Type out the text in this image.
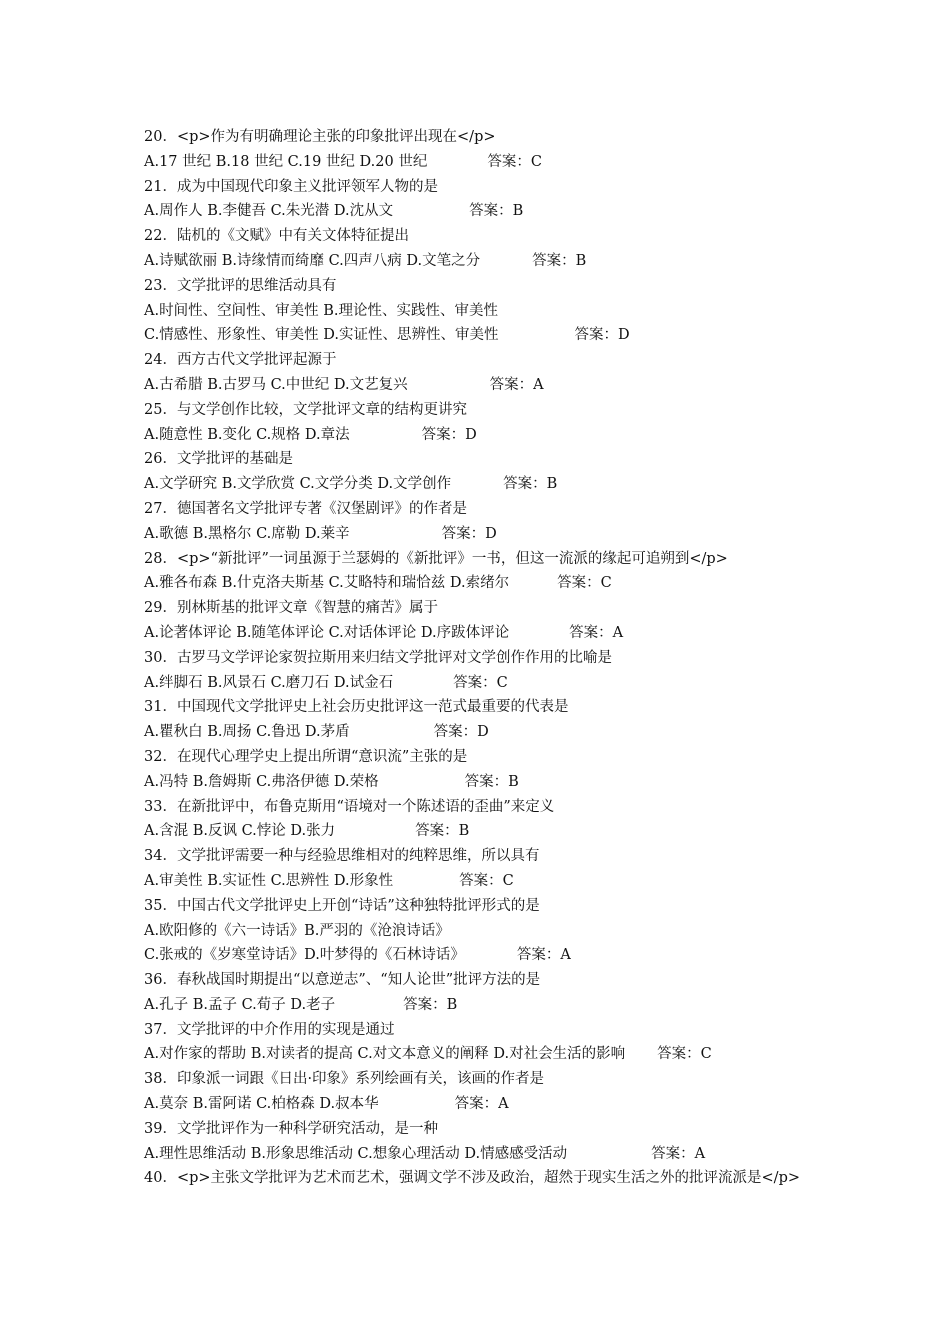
20．<p>作为有明确理论主张的印象批评出现在</p>
A.17 世纪 B.18 世纪 C.19 世纪 D.20 世纪	答案：C
21．成为中国现代印象主义批评领军人物的是
A.周作人 B.李健吾 C.朱光潜 D.沈从文	答案：B
22．陆机的《文赋》中有关文体特征提出
A.诗赋欲丽 B.诗缘情而绮靡 C.四声八病 D.文笔之分	答案：B
23．文学批评的思维活动具有
A.时间性、空间性、审美性 B.理论性、实践性、审美性
C.情感性、形象性、审美性 D.实证性、思辨性、审美性	答案：D
24．西方古代文学批评起源于
A.古希腊 B.古罗马 C.中世纪 D.文艺复兴	答案：A
25．与文学创作比较，文学批评文章的结构更讲究
A.随意性 B.变化 C.规格 D.章法	答案：D
26．文学批评的基础是
A.文学研究 B.文学欣赏 C.文学分类 D.文学创作	答案：B
27．德国著名文学批评专著《汉堡剧评》的作者是
A.歌德 B.黑格尔 C.席勒 D.莱辛	答案：D
28．<p>“新批评”一词虽源于兰瑟姆的《新批评》一书，但这一流派的缘起可追朔到</p>
A.雅各布森 B.什克洛夫斯基 C.艾略特和瑞恰兹 D.索绪尔	答案：C
29．别林斯基的批评文章《智慧的痛苦》属于
A.论著体评论 B.随笔体评论 C.对话体评论 D.序跋体评论	答案：A
30．古罗马文学评论家贺拉斯用来归结文学批评对文学创作作用的比喻是
A.绊脚石 B.风景石 C.磨刀石 D.试金石	答案：C
31．中国现代文学批评史上社会历史批评这一范式最重要的代表是
A.瞿秋白 B.周扬 C.鲁迅 D.茅盾	答案：D
32．在现代心理学史上提出所谓“意识流”主张的是
A.冯特 B.詹姆斯 C.弗洛伊德 D.荣格	答案：B
33．在新批评中，布鲁克斯用“语境对一个陈述语的歪曲”来定义
A.含混 B.反讽 C.悖论 D.张力	答案：B
34．文学批评需要一种与经验思维相对的纯粹思维，所以具有
A.审美性 B.实证性 C.思辨性 D.形象性	答案：C
35．中国古代文学批评史上开创“诗话”这种独特批评形式的是
A.欧阳修的《六一诗话》B.严羽的《沧浪诗话》
C.张戒的《岁寒堂诗话》D.叶梦得的《石林诗话》	答案：A
36．春秋战国时期提出“以意逆志”、“知人论世”批评方法的是
A.孔子 B.孟子 C.荀子 D.老子	答案：B
37．文学批评的中介作用的实现是通过
A.对作家的帮助 B.对读者的提高 C.对文本意义的阐释 D.对社会生活的影响 答案：C
38．印象派一词跟《日出·印象》系列绘画有关，该画的作者是
A.莫奈 B.雷阿诺 C.柏格森 D.叔本华	答案：A
39．文学批评作为一种科学研究活动，是一种
A.理性思维活动 B.形象思维活动 C.想象心理活动 D.情感感受活动	答案：A
40．<p>主张文学批评为艺术而艺术，强调文学不涉及政治，超然于现实生活之外的批评流派是</p>
